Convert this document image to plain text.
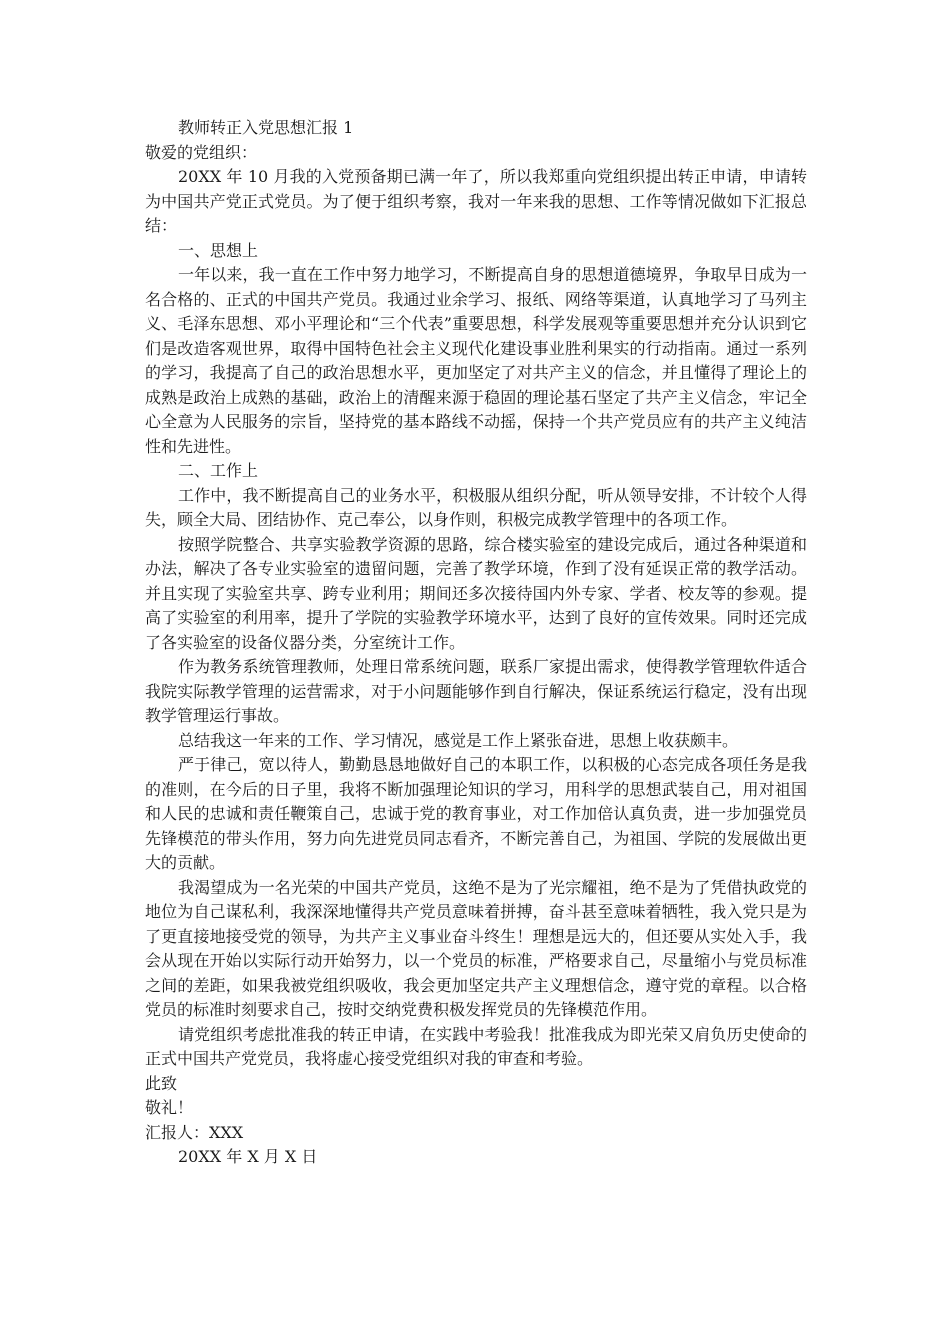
教师转正入党思想汇报 1

敬爱的党组织：

20XX 年 10 月我的入党预备期已满一年了，所以我郑重向党组织提出转正申请，申请转为中国共产党正式党员。为了便于组织考察，我对一年来我的思想、工作等情况做如下汇报总结：

一、思想上

一年以来，我一直在工作中努力地学习，不断提高自身的思想道德境界，争取早日成为一名合格的、正式的中国共产党员。我通过业余学习、报纸、网络等渠道，认真地学习了马列主义、毛泽东思想、邓小平理论和“三个代表”重要思想，科学发展观等重要思想并充分认识到它们是改造客观世界，取得中国特色社会主义现代化建设事业胜利果实的行动指南。通过一系列的学习，我提高了自己的政治思想水平，更加坚定了对共产主义的信念，并且懂得了理论上的成熟是政治上成熟的基础，政治上的清醒来源于稳固的理论基石坚定了共产主义信念，牢记全心全意为人民服务的宗旨，坚持党的基本路线不动摇，保持一个共产党员应有的共产主义纯洁性和先进性。

二、工作上

工作中，我不断提高自己的业务水平，积极服从组织分配，听从领导安排，不计较个人得失，顾全大局、团结协作、克己奉公，以身作则，积极完成教学管理中的各项工作。

按照学院整合、共享实验教学资源的思路，综合楼实验室的建设完成后，通过各种渠道和办法，解决了各专业实验室的遗留问题，完善了教学环境，作到了没有延误正常的教学活动。并且实现了实验室共享、跨专业利用；期间还多次接待国内外专家、学者、校友等的参观。提高了实验室的利用率，提升了学院的实验教学环境水平，达到了良好的宣传效果。同时还完成了各实验室的设备仪器分类，分室统计工作。

作为教务系统管理教师，处理日常系统问题，联系厂家提出需求，使得教学管理软件适合我院实际教学管理的运营需求，对于小问题能够作到自行解决，保证系统运行稳定，没有出现教学管理运行事故。

总结我这一年来的工作、学习情况，感觉是工作上紧张奋进，思想上收获颇丰。

严于律己，宽以待人，勤勤恳恳地做好自己的本职工作，以积极的心态完成各项任务是我的准则，在今后的日子里，我将不断加强理论知识的学习，用科学的思想武装自己，用对祖国和人民的忠诚和责任鞭策自己，忠诚于党的教育事业，对工作加倍认真负责，进一步加强党员先锋模范的带头作用，努力向先进党员同志看齐，不断完善自己，为祖国、学院的发展做出更大的贡献。

我渴望成为一名光荣的中国共产党员，这绝不是为了光宗耀祖，绝不是为了凭借执政党的地位为自己谋私利，我深深地懂得共产党员意味着拼搏，奋斗甚至意味着牺牲，我入党只是为了更直接地接受党的领导，为共产主义事业奋斗终生！理想是远大的，但还要从实处入手，我会从现在开始以实际行动开始努力，以一个党员的标准，严格要求自己，尽量缩小与党员标准之间的差距，如果我被党组织吸收，我会更加坚定共产主义理想信念，遵守党的章程。以合格党员的标准时刻要求自己，按时交纳党费积极发挥党员的先锋模范作用。

请党组织考虑批准我的转正申请，在实践中考验我！批准我成为即光荣又肩负历史使命的正式中国共产党党员，我将虚心接受党组织对我的审查和考验。

此致

敬礼！

汇报人：XXX

20XX 年 X 月 X 日
